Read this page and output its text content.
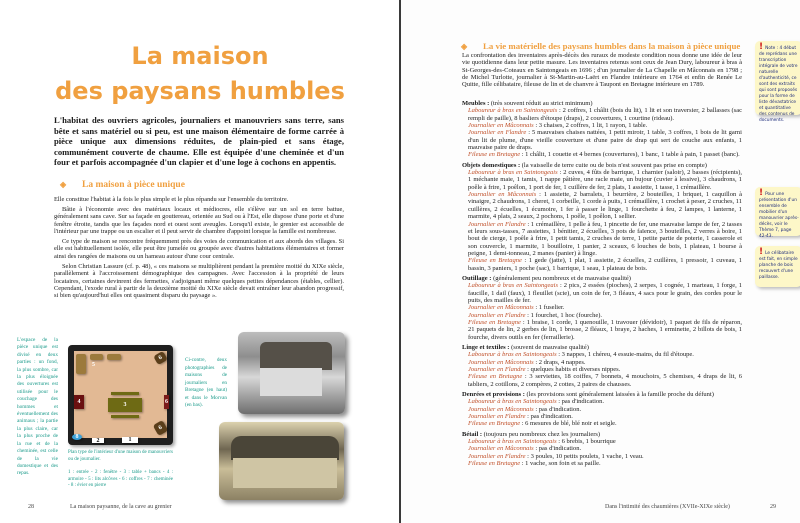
La maison
des paysans humbles
L'habitat des ouvriers agricoles, journaliers et manouvriers sans terre, sans bête et sans matériel ou si peu, est une maison élémentaire de forme carrée à pièce unique aux dimensions réduites, de plain-pied et sans étage, communément couverte de chaume. Elle est équipée d'une cheminée et d'un four et parfois accompagnée d'un clapier et d'une loge à cochons en appentis.
◈ La maison à pièce unique

Elle constitue l'habitat à la fois le plus simple et le plus répandu sur l'ensemble du territoire.

Bâtie à l'économie avec des matériaux locaux et médiocres, elle s'élève sur un sol en terre battue, généralement sans cave. Sur sa façade en gouttereau, orientée au Sud ou à l'Est, elle dispose d'une porte et d'une fenêtre étroite, tandis que les façades nord et ouest sont aveugles. Lorsqu'il existe, le grenier est accessible de l'intérieur par une trappe ou un escalier et il peut servir de chambre d'appoint lorsque la famille est nombreuse.

Ce type de maison se rencontre fréquemment près des voies de communication et aux abords des villages. Si elle est habituellement isolée, elle peut être jumelée ou groupée avec d'autres habitations élémentaires et former ainsi des rangées de maisons ou un hameau autour d'une cour centrale.

Selon Christian Lassure (cf. p. 48), « ces maisons se multiplièrent pendant la première moitié du XIXe siècle, parallèlement à l'accroissement démographique des campagnes. Avec l'accession à la propriété de leurs locataires, certaines devinrent des fermettes, s'adjoignant même quelques petites dépendances (étables, cellier). Cependant, l'exode rural à partir de la deuxième moitié du XIXe siècle devait entraîner leur abandon progressif, si bien qu'aujourd'hui elles ont quasiment disparu du paysage ».

L'espace de la pièce unique est divisé en deux parties : un fond, la plus sombre, car la plus éloignée des ouvertures est utilisée pour le couchage des hommes et éventuellement des animaux ; la partie la plus claire, car la plus proche de la rue et de la cheminée, est celle de la vie domestique et des repas.
5
6
3
4	6
6
8
2	1
Plan type de l'intérieur d'une maison de manouvriers ou de journalier.
1 : entrée - 2 : fenêtre - 3 : table + bancs - 4 : armoire - 5 : lits alcôves - 6 : coffres - 7 : cheminée - 8 : évier en pierre
Ci-contre, deux photographies de maisons de journaliers en Bretagne (en haut) et dans le Morvan (en bas).
28	La maison paysanne, de la cave au grenier
◈ La vie matérielle des paysans humbles dans la maison à pièce unique
La confrontation des inventaires après-décès des ruraux de modeste condition nous donne une idée de leur vie quotidienne dans leur petite masure. Les inventaires retenus sont ceux de Jean Dury, laboureur à bras à St-Georges-des-Coteaux en Saintongeais en 1696 ; d'un journalier de La Chapelle en Mâconnais en 1798 ; de Michel Turlotte, journalier à St-Martin-au-Laërt en Flandre intérieure en 1764 et enfin de Renée Le Quitte, fille célibataire, fileuse de lin et de chanvre à Taupont en Bretagne intérieure en 1789.
Meubles : (très souvent réduit au strict minimum)
Laboureur à bras en Saintongeais : 2 coffres, 1 châlit (bois du lit), 1 lit et son traversier, 2 ballasses (sac rempli de paille), 8 basliers d'étoupe (draps), 2 couvertures, 1 courtine (rideau).
Journalier en Mâconnais : 3 chaises, 2 coffres, 1 lit, 1 rayon, 1 table.
Journalier en Flandre : 5 mauvaises chaises nattées, 1 petit miroir, 1 table, 3 coffres, 1 bois de lit garni d'un lit de plume, d'une vieille couverture et d'une paire de drap qui sert de couche aux enfants, 1 mauvaise paire de draps.
Fileuse en Bretagne : 1 châlit, 1 couette et 4 bernes (couvertures), 1 banc, 1 table à pain, 1 passet (banc).
Objets domestiques : (la vaisselle de terre cuite ou de bois n'est souvent pas prise en compte)
Laboureur à bras en Saintongeais : 2 cuves, 4 fûts de barrique, 1 charnier (saloir), 2 basses (récipients), 1 méchante maie, 1 tamis, 1 nappe pâtière, une racle maie, un bujour (cuvier à lessive), 3 chaudrons, 1 poêle à frire, 1 poêlon, 1 port de fer, 1 cuillère de fer, 2 plats, 1 assiette, 1 tasse, 1 crémaillère.
Journalier en Mâconnais : 1 assiette, 2 barralets, 1 beurrière, 2 bouteilles, 1 briquet, 1 caquillon à vinaigre, 2 chaudrons, 1 cheret, 1 corbeille, 1 corde à puits, 1 crémaillère, 1 crochet à peser, 2 cruches, 11 cuillères, 2 écuelles, 1 écumoire, 1 fer à passer le linge, 1 fourchette à feu, 2 lampes, 1 lanterne, 1 marmite, 4 plats, 2 seaux, 2 pochons, 1 poêle, 1 poêlon, 1 sellier.
Journalier en Flandre : 1 crémaillère, 1 pelle à feu, 1 pincette de fer, une mauvaise lampe de fer, 2 tasses et leurs sous-tasses, 7 assiettes, 1 bénitier, 2 écuelles, 3 pots de faïence, 3 bouteilles, 2 verres à boire, 1 bout de cierge, 1 poêle à frire, 1 petit tamis, 2 cruches de terre, 1 petite partie de poterie, 1 casserole et son couvercle, 1 marmite, 1 bouilloire, 1 panier, 2 sceaux, 6 louches de bois, 1 plateau, 1 bourse à peigne, 1 demi-tonneau, 2 manes (panier) à linge.
Fileuse en Bretagne : 1 gede (jatte), 1 plat, 1 assiette, 2 écuelles, 2 cuillères, 1 pressoir, 1 cuveau, 1 bassin, 3 paniers, 1 poche (sac), 1 barrique, 1 seau, 1 plateau de bois.
Outillage : (généralement peu nombreux et de mauvaise qualité)
Laboureur à bras en Saintongeais : 2 pics, 2 essées (pioches), 2 serpes, 1 cognée, 1 marteau, 1 forge, 1 faucille, 1 dail (faux), 1 fleuillet (scie), un coin de fer, 3 fléaux, 4 sacs pour le grain, des cordes pour le puits, des mailles de fer.
Journalier en Mâconnais : 1 fuselier.
Journalier en Flandre : 1 fourchet, 1 hoc (fourche).
Fileuse en Bretagne : 1 braise, 1 corde, 1 quenouille, 1 travouer (dévidoir), 1 paquet de fils de réparon, 21 paquets de lin, 2 gerbes de lin, 1 brosse, 2 fléaux, 1 braye, 2 haches, 1 erminette, 2 billots de bois, 1 fourche, divers outils en fer (ferraillerie).
Linge et textiles : (souvent de mauvaise qualité)
Laboureur à bras en Saintongeais : 3 nappes, 1 chéreu, 4 essuie-mains, du fil d'étoupe.
Journalier en Mâconnais : 2 draps, 4 nappes.
Journalier en Flandre : quelques habits et diverses nippes.
Fileuse en Bretagne : 3 serviettes, 18 coiffes, 7 bonnets, 4 mouchoirs, 5 chemises, 4 draps de lit, 6 tabliers, 2 cotillons, 2 compères, 2 cottes, 2 paires de chausses.
Denrées et provisions : (les provisions sont généralement laissées à la famille proche du défunt)
Laboureur à bras en Saintongeais : pas d'indication.
Journalier en Mâconnais : pas d'indication.
Journalier en Flandre : pas d'indication.
Fileuse en Bretagne : 6 mesures de blé, blé noir et seigle.
Bétail : (toujours peu nombreux chez les journaliers)
Laboureur à bras en Saintongeais : 6 brebis, 1 bourrique
Journalier en Mâconnais : pas d'indication.
Journalier en Flandre : 3 poules, 10 petits poulets, 1 vache, 1 veau.
Fileuse en Bretagne : 1 vache, son foin et sa paille.
! Note : 4 début de reprédans une transcription intégrale de votre naturelle d'authenticité, ce sont des extraits qui sont proposés pour la forme de liste dévastatrice et quantitative des contenus de documents.
! Pour une présentation d'un ensemble de mobilier d'un manouvrier après-décès, voir le Thème 7, page 42-43.
! Le célibataire est fait, en simple planche de bois recouvert d'une paillasse.
Dans l'intimité des chaumières (XVIIe-XIXe siècle)	29
